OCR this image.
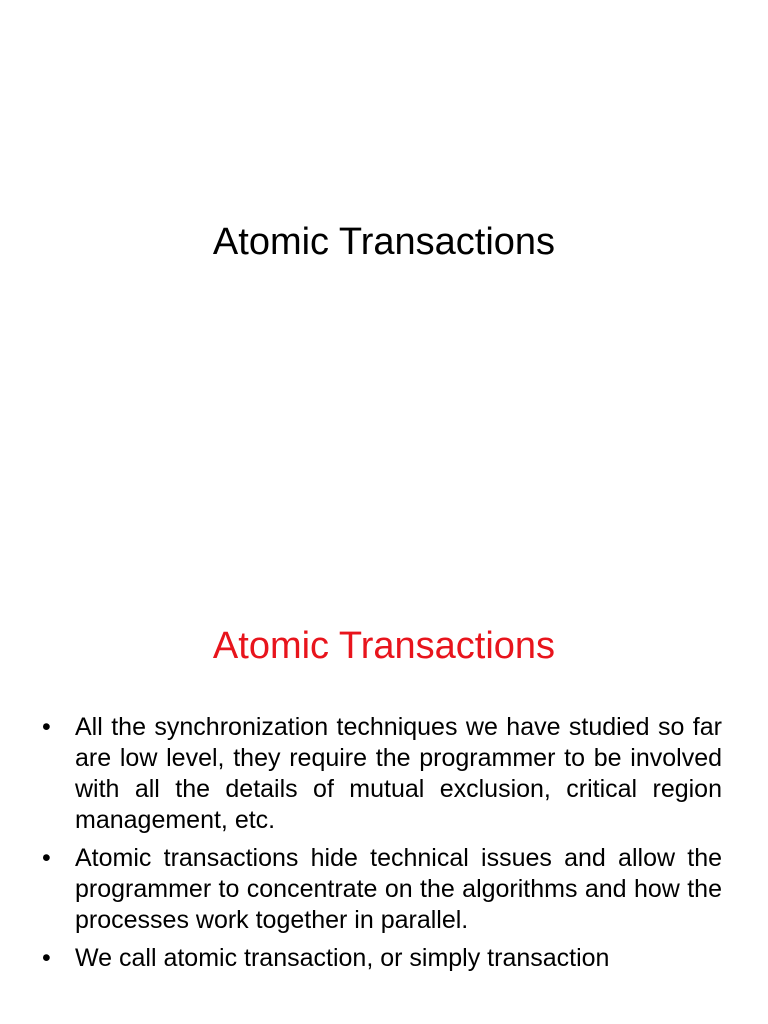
Atomic Transactions
Atomic Transactions
• All the synchronization techniques we have studied so far are low level, they require the programmer to be involved with all the details of mutual exclusion, critical region management, etc.
• Atomic transactions hide technical issues and allow the programmer to concentrate on the algorithms and how the processes work together in parallel.
• We call atomic transaction, or simply transaction
